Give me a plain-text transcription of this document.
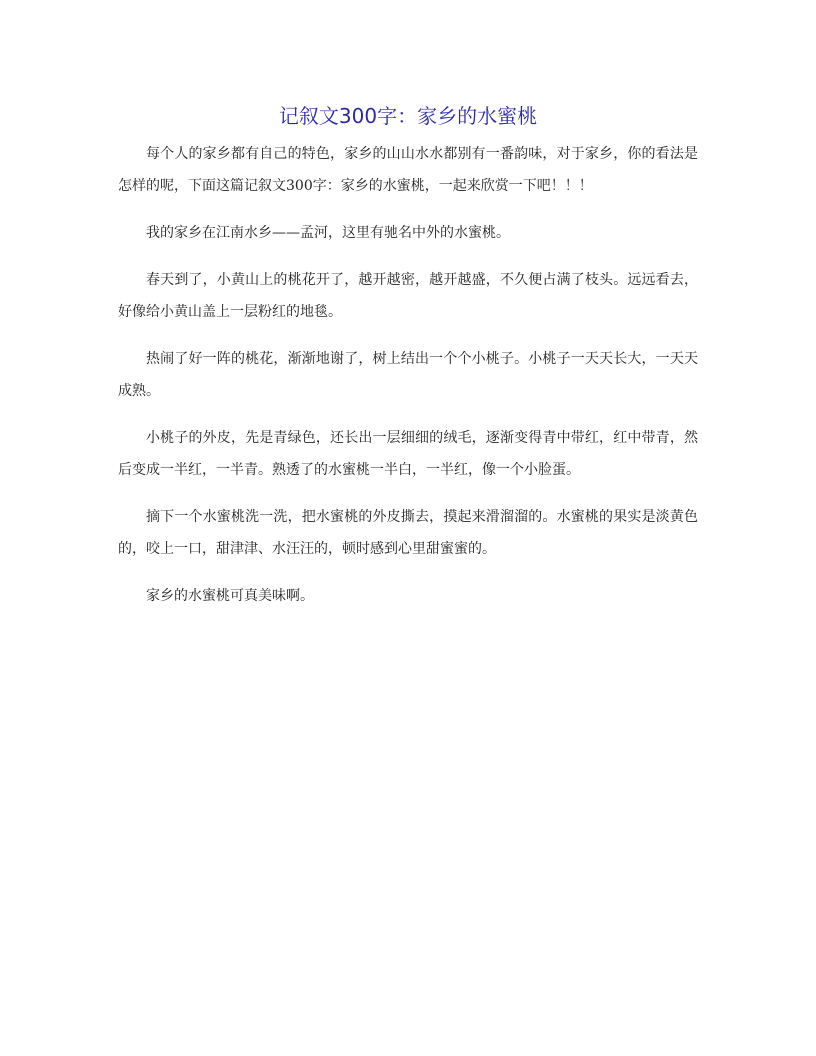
记叙文300字：家乡的水蜜桃

每个人的家乡都有自己的特色，家乡的山山水水都别有一番韵味，对于家乡，你的看法是怎样的呢，下面这篇记叙文300字：家乡的水蜜桃，一起来欣赏一下吧！！！

我的家乡在江南水乡——孟河，这里有驰名中外的水蜜桃。

春天到了，小黄山上的桃花开了，越开越密，越开越盛，不久便占满了枝头。远远看去，好像给小黄山盖上一层粉红的地毯。

热闹了好一阵的桃花，渐渐地谢了，树上结出一个个小桃子。小桃子一天天长大，一天天成熟。

小桃子的外皮，先是青绿色，还长出一层细细的绒毛，逐渐变得青中带红，红中带青，然后变成一半红，一半青。熟透了的水蜜桃一半白，一半红，像一个小脸蛋。

摘下一个水蜜桃洗一洗，把水蜜桃的外皮撕去，摸起来滑溜溜的。水蜜桃的果实是淡黄色的，咬上一口，甜津津、水汪汪的，顿时感到心里甜蜜蜜的。

家乡的水蜜桃可真美味啊。
